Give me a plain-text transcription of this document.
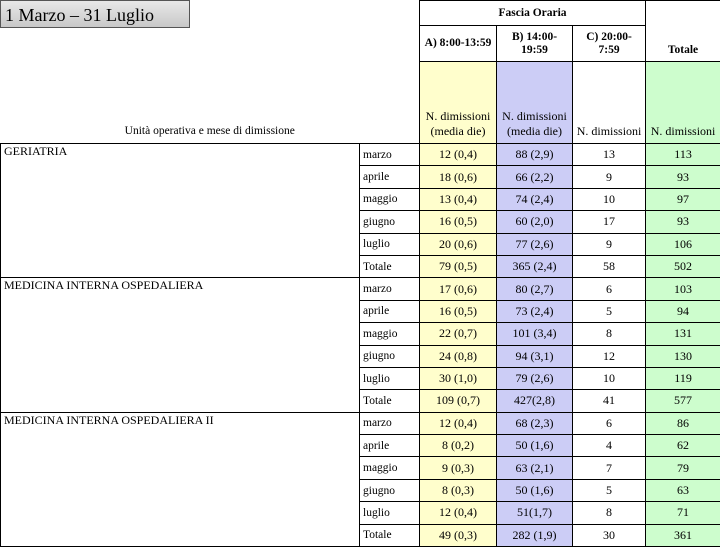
1 Marzo – 31 Luglio
Unità operativa e mese di dimissione		Fascia Oraria			Totale
		A) 8:00-13:59	B) 14:00-19:59	C) 20:00-7:59	
		N. dimissioni (media die)	N. dimissioni (media die)	N. dimissioni	N. dimissioni
GERIATRIA	marzo	12 (0,4)	88 (2,9)	13	113
	aprile	18 (0,6)	66 (2,2)	9	93
	maggio	13 (0,4)	74 (2,4)	10	97
	giugno	16 (0,5)	60 (2,0)	17	93
	luglio	20 (0,6)	77 (2,6)	9	106
	Totale	79 (0,5)	365 (2,4)	58	502
MEDICINA INTERNA OSPEDALIERA	marzo	17 (0,6)	80 (2,7)	6	103
	aprile	16 (0,5)	73 (2,4)	5	94
	maggio	22 (0,7)	101 (3,4)	8	131
	giugno	24 (0,8)	94 (3,1)	12	130
	luglio	30 (1,0)	79 (2,6)	10	119
	Totale	109 (0,7)	427(2,8)	41	577
MEDICINA INTERNA OSPEDALIERA II	marzo	12 (0,4)	68 (2,3)	6	86
	aprile	8 (0,2)	50 (1,6)	4	62
	maggio	9 (0,3)	63 (2,1)	7	79
	giugno	8 (0,3)	50 (1,6)	5	63
	luglio	12 (0,4)	51(1,7)	8	71
	Totale	49 (0,3)	282 (1,9)	30	361
